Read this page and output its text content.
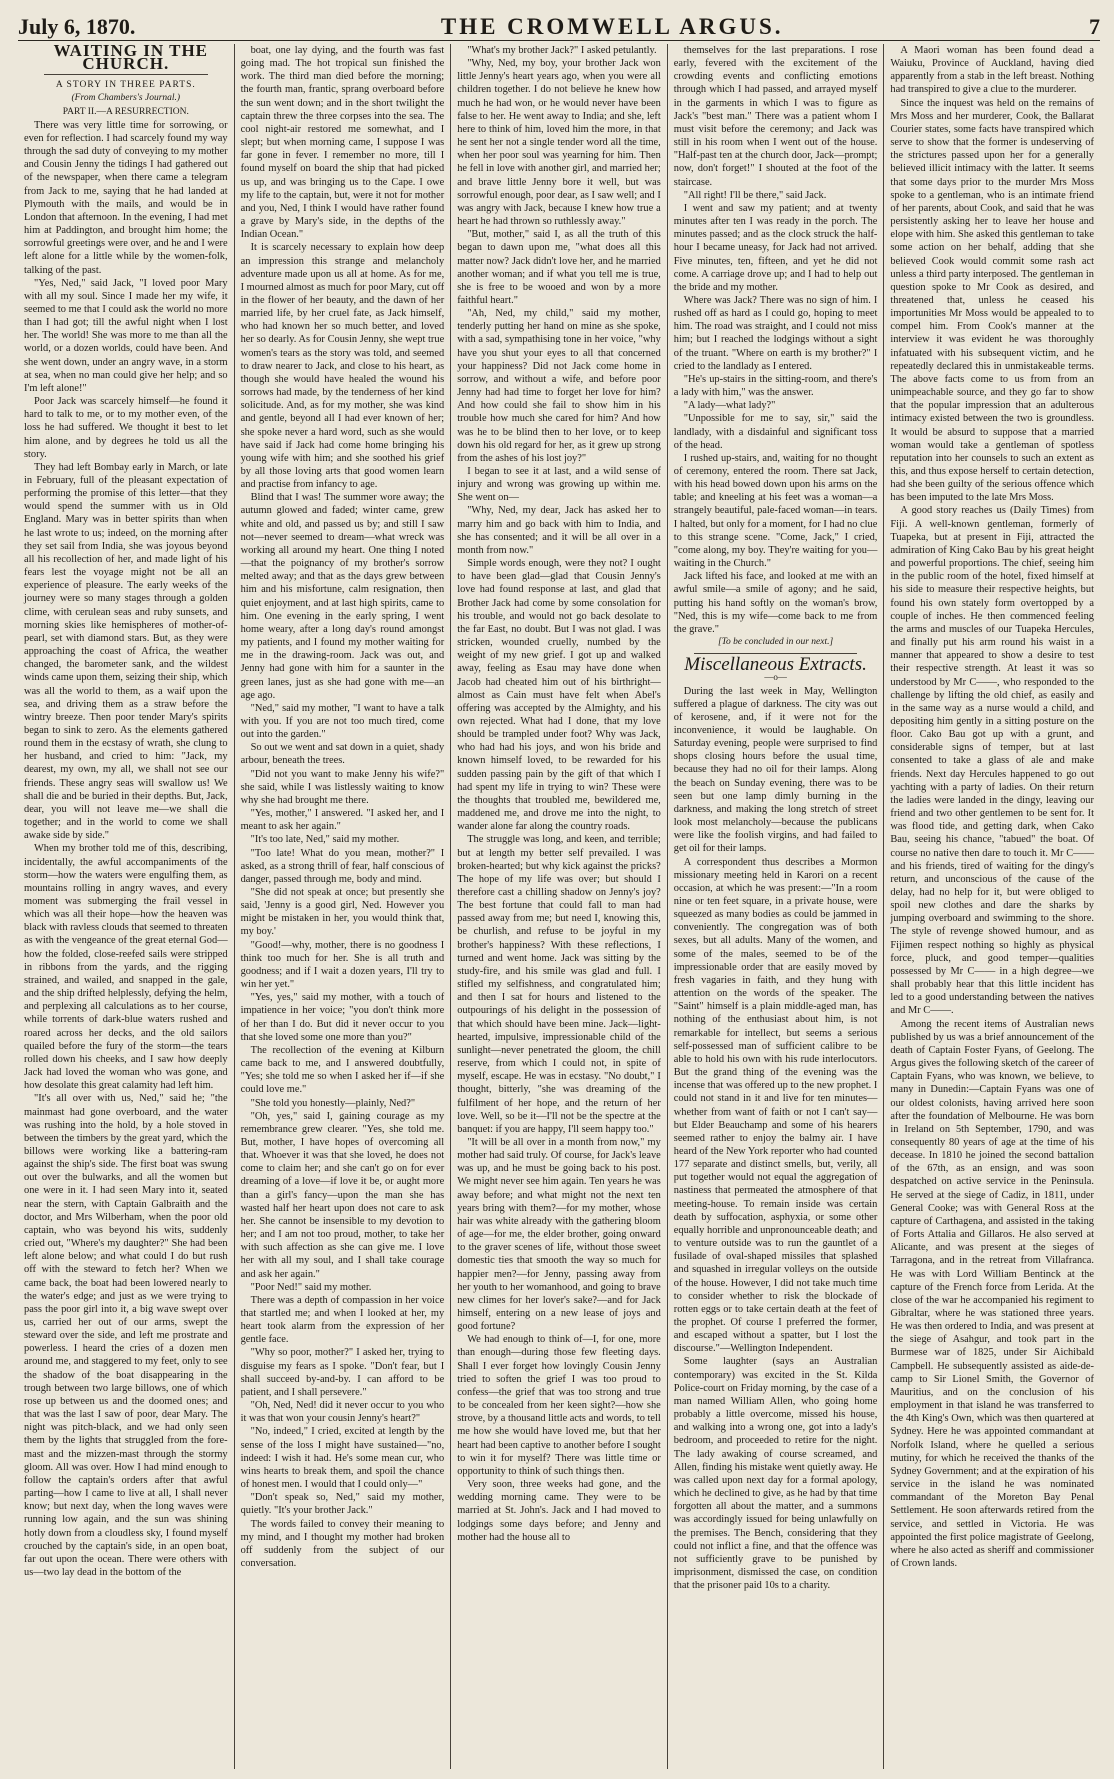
July 6, 1870.	THE CROMWELL ARGUS.	7

WAITING IN THE CHURCH.

A STORY IN THREE PARTS.

(From Chambers's Journal.)

PART II.—A RESURRECTION.

There was very little time for sorrowing, or even for reflection. I had scarcely found my way through the sad duty of conveying to my mother and Cousin Jenny the tidings I had gathered out of the newspaper, when there came a telegram from Jack to me, saying that he had landed at Plymouth with the mails, and would be in London that afternoon. In the evening, I had met him at Paddington, and brought him home; the sorrowful greetings were over, and he and I were left alone for a little while by the women-folk, talking of the past.

"Yes, Ned," said Jack, "I loved poor Mary with all my soul. Since I made her my wife, it seemed to me that I could ask the world no more than I had got; till the awful night when I lost her. The world! She was more to me than all the world, or a dozen worlds, could have been. And she went down, under an angry wave, in a storm at sea, when no man could give her help; and so I'm left alone!"

Poor Jack was scarcely himself—he found it hard to talk to me, or to my mother even, of the loss he had suffered. We thought it best to let him alone, and by degrees he told us all the story.

They had left Bombay early in March, or late in February, full of the pleasant expectation of performing the promise of this letter—that they would spend the summer with us in Old England. Mary was in better spirits than when he last wrote to us; indeed, on the morning after they set sail from India, she was joyous beyond all his recollection of her, and made light of his fears lest the voyage might not be all an experience of pleasure. The early weeks of the journey were so many stages through a golden clime, with cerulean seas and ruby sunsets, and morning skies like hemispheres of mother-of-pearl, set with diamond stars. But, as they were approaching the coast of Africa, the weather changed, the barometer sank, and the wildest winds came upon them, seizing their ship, which was all the world to them, as a waif upon the sea, and driving them as a straw before the wintry breeze. Then poor tender Mary's spirits began to sink to zero. As the elements gathered round them in the ecstasy of wrath, she clung to her husband, and cried to him: "Jack, my dearest, my own, my all, we shall not see our friends. These angry seas will swallow us! We shall die and be buried in their depths. But, Jack, dear, you will not leave me—we shall die together; and in the world to come we shall awake side by side."

When my brother told me of this, describing, incidentally, the awful accompaniments of the storm—how the waters were engulfing them, as mountains rolling in angry waves, and every moment was submerging the frail vessel in which was all their hope—how the heaven was black with ravless clouds that seemed to threaten as with the vengeance of the great eternal God—how the folded, close-reefed sails were stripped in ribbons from the yards, and the rigging strained, and wailed, and snapped in the gale, and the ship drifted helplessly, defying the helm, and perplexing all calculations as to her course, while torrents of dark-blue waters rushed and roared across her decks, and the old sailors quailed before the fury of the storm—the tears rolled down his cheeks, and I saw how deeply Jack had loved the woman who was gone, and how desolate this great calamity had left him.

"It's all over with us, Ned," said he; "the mainmast had gone overboard, and the water was rushing into the hold, by a hole stoved in between the timbers by the great yard, which the billows were working like a battering-ram against the ship's side. The first boat was swung out over the bulwarks, and all the women but one were in it. I had seen Mary into it, seated near the stern, with Captain Galbraith and the doctor, and Mrs Wilberham, when the poor old captain, who was beyond his wits, suddenly cried out, "Where's my daughter?" She had been left alone below; and what could I do but rush off with the steward to fetch her? When we came back, the boat had been lowered nearly to the water's edge; and just as we were trying to pass the poor girl into it, a big wave swept over us, carried her out of our arms, swept the steward over the side, and left me prostrate and powerless. I heard the cries of a dozen men around me, and staggered to my feet, only to see the shadow of the boat disappearing in the trough between two large billows, one of which rose up between us and the doomed ones; and that was the last I saw of poor, dear Mary. The night was pitch-black, and we had only seen them by the lights that struggled from the fore-mast and the mizzen-mast through the stormy gloom. All was over. How I had mind enough to follow the captain's orders after that awful parting—how I came to live at all, I shall never know; but next day, when the long waves were running low again, and the sun was shining hotly down from a cloudless sky, I found myself crouched by the captain's side, in an open boat, far out upon the ocean. There were others with us—two lay dead in the bottom of the

boat, one lay dying, and the fourth was fast going mad. The hot tropical sun finished the work. The third man died before the morning; the fourth man, frantic, sprang overboard before the sun went down; and in the short twilight the captain threw the three corpses into the sea. The cool night-air restored me somewhat, and I slept; but when morning came, I suppose I was far gone in fever. I remember no more, till I found myself on board the ship that had picked us up, and was bringing us to the Cape. I owe my life to the captain, but, were it not for mother and you, Ned, I think I would have rather found a grave by Mary's side, in the depths of the Indian Ocean."

It is scarcely necessary to explain how deep an impression this strange and melancholy adventure made upon us all at home. As for me, I mourned almost as much for poor Mary, cut off in the flower of her beauty, and the dawn of her married life, by her cruel fate, as Jack himself, who had known her so much better, and loved her so dearly. As for Cousin Jenny, she wept true women's tears as the story was told, and seemed to draw nearer to Jack, and close to his heart, as though she would have healed the wound his sorrows had made, by the tenderness of her kind solicitude. And, as for my mother, she was kind and gentle, beyond all I had ever known of her; she spoke never a hard word, such as she would have said if Jack had come home bringing his young wife with him; and she soothed his grief by all those loving arts that good women learn and practise from infancy to age.

Blind that I was! The summer wore away; the autumn glowed and faded; winter came, grew white and old, and passed us by; and still I saw not—never seemed to dream—what wreck was working all around my heart. One thing I noted—that the poignancy of my brother's sorrow melted away; and that as the days grew between him and his misfortune, calm resignation, then quiet enjoyment, and at last high spirits, came to him. One evening in the early spring, I went home weary, after a long day's round amongst my patients, and I found my mother waiting for me in the drawing-room. Jack was out, and Jenny had gone with him for a saunter in the green lanes, just as she had gone with me—an age ago.

"Ned," said my mother, "I want to have a talk with you. If you are not too much tired, come out into the garden."

So out we went and sat down in a quiet, shady arbour, beneath the trees.

"Did not you want to make Jenny his wife?" she said, while I was listlessly waiting to know why she had brought me there.

"Yes, mother," I answered. "I asked her, and I meant to ask her again."

"It's too late, Ned," said my mother.

"Too late! What do you mean, mother?" I asked, as a strong thrill of fear, half conscious of danger, passed through me, body and mind.

"She did not speak at once; but presently she said, 'Jenny is a good girl, Ned. However you might be mistaken in her, you would think that, my boy.'

"Good!—why, mother, there is no goodness I think too much for her. She is all truth and goodness; and if I wait a dozen years, I'll try to win her yet."

"Yes, yes," said my mother, with a touch of impatience in her voice; "you don't think more of her than I do. But did it never occur to you that she loved some one more than you?"

The recollection of the evening at Kilburn came back to me, and I answered doubtfully, "Yes; she told me so when I asked her if—if she could love me."

"She told you honestly—plainly, Ned?"

"Oh, yes," said I, gaining courage as my remembrance grew clearer. "Yes, she told me. But, mother, I have hopes of overcoming all that. Whoever it was that she loved, he does not come to claim her; and she can't go on for ever dreaming of a love—if love it be, or aught more than a girl's fancy—upon the man she has wasted half her heart upon does not care to ask her. She cannot be insensible to my devotion to her; and I am not too proud, mother, to take her with such affection as she can give me. I love her with all my soul, and I shall take courage and ask her again."

"Poor Ned!" said my mother.

There was a depth of compassion in her voice that startled me; and when I looked at her, my heart took alarm from the expression of her gentle face.

"Why so poor, mother?" I asked her, trying to disguise my fears as I spoke. "Don't fear, but I shall succeed by-and-by. I can afford to be patient, and I shall persevere."

"Oh, Ned, Ned! did it never occur to you who it was that won your cousin Jenny's heart?"

"No, indeed," I cried, excited at length by the sense of the loss I might have sustained—"no, indeed: I wish it had. He's some mean cur, who wins hearts to break them, and spoil the chance of honest men. I would that I could only—"

"Don't speak so, Ned," said my mother, quietly. "It's your brother Jack."

The words failed to convey their meaning to my mind, and I thought my mother had broken off suddenly from the subject of our conversation.

"What's my brother Jack?" I asked petulantly.

"Why, Ned, my boy, your brother Jack won little Jenny's heart years ago, when you were all children together. I do not believe he knew how much he had won, or he would never have been false to her. He went away to India; and she, left here to think of him, loved him the more, in that he sent her not a single tender word all the time, when her poor soul was yearning for him. Then he fell in love with another girl, and married her; and brave little Jenny bore it well, but was sorrowful enough, poor dear, as I saw well; and I was angry with Jack, because I knew how true a heart he had thrown so ruthlessly away."

"But, mother," said I, as all the truth of this began to dawn upon me, "what does all this matter now? Jack didn't love her, and he married another woman; and if what you tell me is true, she is free to be wooed and won by a more faithful heart."

"Ah, Ned, my child," said my mother, tenderly putting her hand on mine as she spoke, with a sad, sympathising tone in her voice, "why have you shut your eyes to all that concerned your happiness? Did not Jack come home in sorrow, and without a wife, and before poor Jenny had had time to forget her love for him? And how could she fail to show him in his trouble how much she cared for him? And how was he to be blind then to her love, or to keep down his old regard for her, as it grew up strong from the ashes of his lost joy?"

I began to see it at last, and a wild sense of injury and wrong was growing up within me. She went on—

"Why, Ned, my dear, Jack has asked her to marry him and go back with him to India, and she has consented; and it will be all over in a month from now."

Simple words enough, were they not? I ought to have been glad—glad that Cousin Jenny's love had found response at last, and glad that Brother Jack had come by some consolation for his trouble, and would not go back desolate to the far East, no doubt. But I was not glad. I was stricken, wounded cruelly, numbed by the weight of my new grief. I got up and walked away, feeling as Esau may have done when Jacob had cheated him out of his birthright—almost as Cain must have felt when Abel's offering was accepted by the Almighty, and his own rejected. What had I done, that my love should be trampled under foot? Why was Jack, who had had his joys, and won his bride and known himself loved, to be rewarded for his sudden passing pain by the gift of that which I had spent my life in trying to win? These were the thoughts that troubled me, bewildered me, maddened me, and drove me into the night, to wander alone far along the country roads.

The struggle was long, and keen, and terrible; but at length my better self prevailed. I was broken-hearted; but why kick against the pricks? The hope of my life was over; but should I therefore cast a chilling shadow on Jenny's joy? The best fortune that could fall to man had passed away from me; but need I, knowing this, be churlish, and refuse to be joyful in my brother's happiness? With these reflections, I turned and went home. Jack was sitting by the study-fire, and his smile was glad and full. I stifled my selfishness, and congratulated him; and then I sat for hours and listened to the outpourings of his delight in the possession of that which should have been mine. Jack—light-hearted, impulsive, impressionable child of the sunlight—never penetrated the gloom, the chill reserve, from which I could not, in spite of myself, escape. He was in ecstasy. "No doubt," I thought, bitterly, "she was dreaming of the fulfilment of her hope, and the return of her love. Well, so be it—I'll not be the spectre at the banquet: if you are happy, I'll seem happy too."

"It will be all over in a month from now," my mother had said truly. Of course, for Jack's leave was up, and he must be going back to his post. We might never see him again. Ten years he was away before; and what might not the next ten years bring with them?—for my mother, whose hair was white already with the gathering bloom of age—for me, the elder brother, going onward to the graver scenes of life, without those sweet domestic ties that smooth the way so much for happier men?—for Jenny, passing away from her youth to her womanhood, and going to brave new climes for her lover's sake?—and for Jack himself, entering on a new lease of joys and good fortune?

We had enough to think of—I, for one, more than enough—during those few fleeting days. Shall I ever forget how lovingly Cousin Jenny tried to soften the grief I was too proud to confess—the grief that was too strong and true to be concealed from her keen sight?—how she strove, by a thousand little acts and words, to tell me how she would have loved me, but that her heart had been captive to another before I sought to win it for myself? There was little time or opportunity to think of such things then.

Very soon, three weeks had gone, and the wedding morning came. They were to be married at St. John's. Jack and I had moved to lodgings some days before; and Jenny and mother had the house all to

themselves for the last preparations. I rose early, fevered with the excitement of the crowding events and conflicting emotions through which I had passed, and arrayed myself in the garments in which I was to figure as Jack's "best man." There was a patient whom I must visit before the ceremony; and Jack was still in his room when I went out of the house. "Half-past ten at the church door, Jack—prompt; now, don't forget!" I shouted at the foot of the staircase.

"All right! I'll be there," said Jack.

I went and saw my patient; and at twenty minutes after ten I was ready in the porch. The minutes passed; and as the clock struck the half-hour I became uneasy, for Jack had not arrived. Five minutes, ten, fifteen, and yet he did not come. A carriage drove up; and I had to help out the bride and my mother.

Where was Jack? There was no sign of him. I rushed off as hard as I could go, hoping to meet him. The road was straight, and I could not miss him; but I reached the lodgings without a sight of the truant. "Where on earth is my brother?" I cried to the landlady as I entered.

"He's up-stairs in the sitting-room, and there's a lady with him," was the answer.

"A lady—what lady?"

"Unpossible for me to say, sir," said the landlady, with a disdainful and significant toss of the head.

I rushed up-stairs, and, waiting for no thought of ceremony, entered the room. There sat Jack, with his head bowed down upon his arms on the table; and kneeling at his feet was a woman—a strangely beautiful, pale-faced woman—in tears. I halted, but only for a moment, for I had no clue to this strange scene. "Come, Jack," I cried, "come along, my boy. They're waiting for you—waiting in the Church."

Jack lifted his face, and looked at me with an awful smile—a smile of agony; and he said, putting his hand softly on the woman's brow, "Ned, this is my wife—come back to me from the grave."

[To be concluded in our next.]

Miscellaneous Extracts.

—o—

During the last week in May, Wellington suffered a plague of darkness. The city was out of kerosene, and, if it were not for the inconvenience, it would be laughable. On Saturday evening, people were surprised to find shops closing hours before the usual time, because they had no oil for their lamps. Along the beach on Sunday evening, there was to be seen but one lamp dimly burning in the darkness, and making the long stretch of street look most melancholy—because the publicans were like the foolish virgins, and had failed to get oil for their lamps.

A correspondent thus describes a Mormon missionary meeting held in Karori on a recent occasion, at which he was present:—"In a room nine or ten feet square, in a private house, were squeezed as many bodies as could be jammed in conveniently. The congregation was of both sexes, but all adults. Many of the women, and some of the males, seemed to be of the impressionable order that are easily moved by fresh vagaries in faith, and they hung with attention on the words of the speaker. The "Saint" himself is a plain middle-aged man, has nothing of the enthusiast about him, is not remarkable for intellect, but seems a serious self-possessed man of sufficient calibre to be able to hold his own with his rude interlocutors. But the grand thing of the evening was the incense that was offered up to the new prophet. I could not stand in it and live for ten minutes—whether from want of faith or not I can't say—but Elder Beauchamp and some of his hearers seemed rather to enjoy the balmy air. I have heard of the New York reporter who had counted 177 separate and distinct smells, but, verily, all put together would not equal the aggregation of nastiness that permeated the atmosphere of that meeting-house. To remain inside was certain death by suffocation, asphyxia, or some other equally horrible and unpronounceable death; and to venture outside was to run the gauntlet of a fusilade of oval-shaped missiles that splashed and squashed in irregular volleys on the outside of the house. However, I did not take much time to consider whether to risk the blockade of rotten eggs or to take certain death at the feet of the prophet. Of course I preferred the former, and escaped without a spatter, but I lost the discourse."—Wellington Independent.

Some laughter (says an Australian contemporary) was excited in the St. Kilda Police-court on Friday morning, by the case of a man named William Allen, who going home probably a little overcome, missed his house, and walking into a wrong one, got into a lady's bedroom, and proceeded to retire for the night. The lady awaking of course screamed, and Allen, finding his mistake went quietly away. He was called upon next day for a formal apology, which he declined to give, as he had by that time forgotten all about the matter, and a summons was accordingly issued for being unlawfully on the premises. The Bench, considering that they could not inflict a fine, and that the offence was not sufficiently grave to be punished by imprisonment, dismissed the case, on condition that the prisoner paid 10s to a charity.

A Maori woman has been found dead a Waiuku, Province of Auckland, having died apparently from a stab in the left breast. Nothing had transpired to give a clue to the murderer.

Since the inquest was held on the remains of Mrs Moss and her murderer, Cook, the Ballarat Courier states, some facts have transpired which serve to show that the former is undeserving of the strictures passed upon her for a generally believed illicit intimacy with the latter. It seems that some days prior to the murder Mrs Moss spoke to a gentleman, who is an intimate friend of her parents, about Cook, and said that he was persistently asking her to leave her house and elope with him. She asked this gentleman to take some action on her behalf, adding that she believed Cook would commit some rash act unless a third party interposed. The gentleman in question spoke to Mr Cook as desired, and threatened that, unless he ceased his importunities Mr Moss would be appealed to to compel him. From Cook's manner at the interview it was evident he was thoroughly infatuated with his subsequent victim, and he repeatedly declared this in unmistakeable terms. The above facts come to us from from an unimpeachable source, and they go far to show that the popular impression that an adulterous intimacy existed between the two is groundless. It would be absurd to suppose that a married woman would take a gentleman of spotless reputation into her counsels to such an extent as this, and thus expose herself to certain detection, had she been guilty of the serious offence which has been imputed to the late Mrs Moss.

A good story reaches us (Daily Times) from Fiji. A well-known gentleman, formerly of Tuapeka, but at present in Fiji, attracted the admiration of King Cako Bau by his great height and powerful proportions. The chief, seeing him in the public room of the hotel, fixed himself at his side to measure their respective heights, but found his own stately form overtopped by a couple of inches. He then commenced feeling the arms and muscles of our Tuapeka Hercules, and finally put his arm round his waist in a manner that appeared to show a desire to test their respective strength. At least it was so understood by Mr C——, who responded to the challenge by lifting the old chief, as easily and in the same way as a nurse would a child, and depositing him gently in a sitting posture on the floor. Cako Bau got up with a grunt, and considerable signs of temper, but at last consented to take a glass of ale and make friends. Next day Hercules happened to go out yachting with a party of ladies. On their return the ladies were landed in the dingy, leaving our friend and two other gentlemen to be sent for. It was flood tide, and getting dark, when Cako Bau, seeing his chance, "tabued" the boat. Of course no native then dare to touch it. Mr C—— and his friends, tired of waiting for the dingy's return, and unconscious of the cause of the delay, had no help for it, but were obliged to spoil new clothes and dare the sharks by jumping overboard and swimming to the shore. The style of revenge showed humour, and as Fijimen respect nothing so highly as physical force, pluck, and good temper—qualities possessed by Mr C—— in a high degree—we shall probably hear that this little incident has led to a good understanding between the natives and Mr C——.

Among the recent items of Australian news published by us was a brief announcement of the death of Captain Foster Fyans, of Geelong. The Argus gives the following sketch of the career of Captain Fyans, who was known, we believe, to many in Dunedin:—Captain Fyans was one of our oldest colonists, having arrived here soon after the foundation of Melbourne. He was born in Ireland on 5th September, 1790, and was consequently 80 years of age at the time of his decease. In 1810 he joined the second battalion of the 67th, as an ensign, and was soon despatched on active service in the Peninsula. He served at the siege of Cadiz, in 1811, under General Cooke; was with General Ross at the capture of Carthagena, and assisted in the taking of Forts Attalia and Gillaros. He also served at Alicante, and was present at the sieges of Tarragona, and in the retreat from Villafranca. He was with Lord William Bentinck at the capture of the French force from Lerida. At the close of the war he accompanied his regiment to Gibraltar, where he was stationed three years. He was then ordered to India, and was present at the siege of Asahgur, and took part in the Burmese war of 1825, under Sir Aichibald Campbell. He subsequently assisted as aide-de-camp to Sir Lionel Smith, the Governor of Mauritius, and on the conclusion of his employment in that island he was transferred to the 4th King's Own, which was then quartered at Sydney. Here he was appointed commandant at Norfolk Island, where he quelled a serious mutiny, for which he received the thanks of the Sydney Government; and at the expiration of his service in the island he was nominated commandant of the Moreton Bay Penal Settlement. He soon afterwards retired from the service, and settled in Victoria. He was appointed the first police magistrate of Geelong, where he also acted as sheriff and commissioner of Crown lands.
